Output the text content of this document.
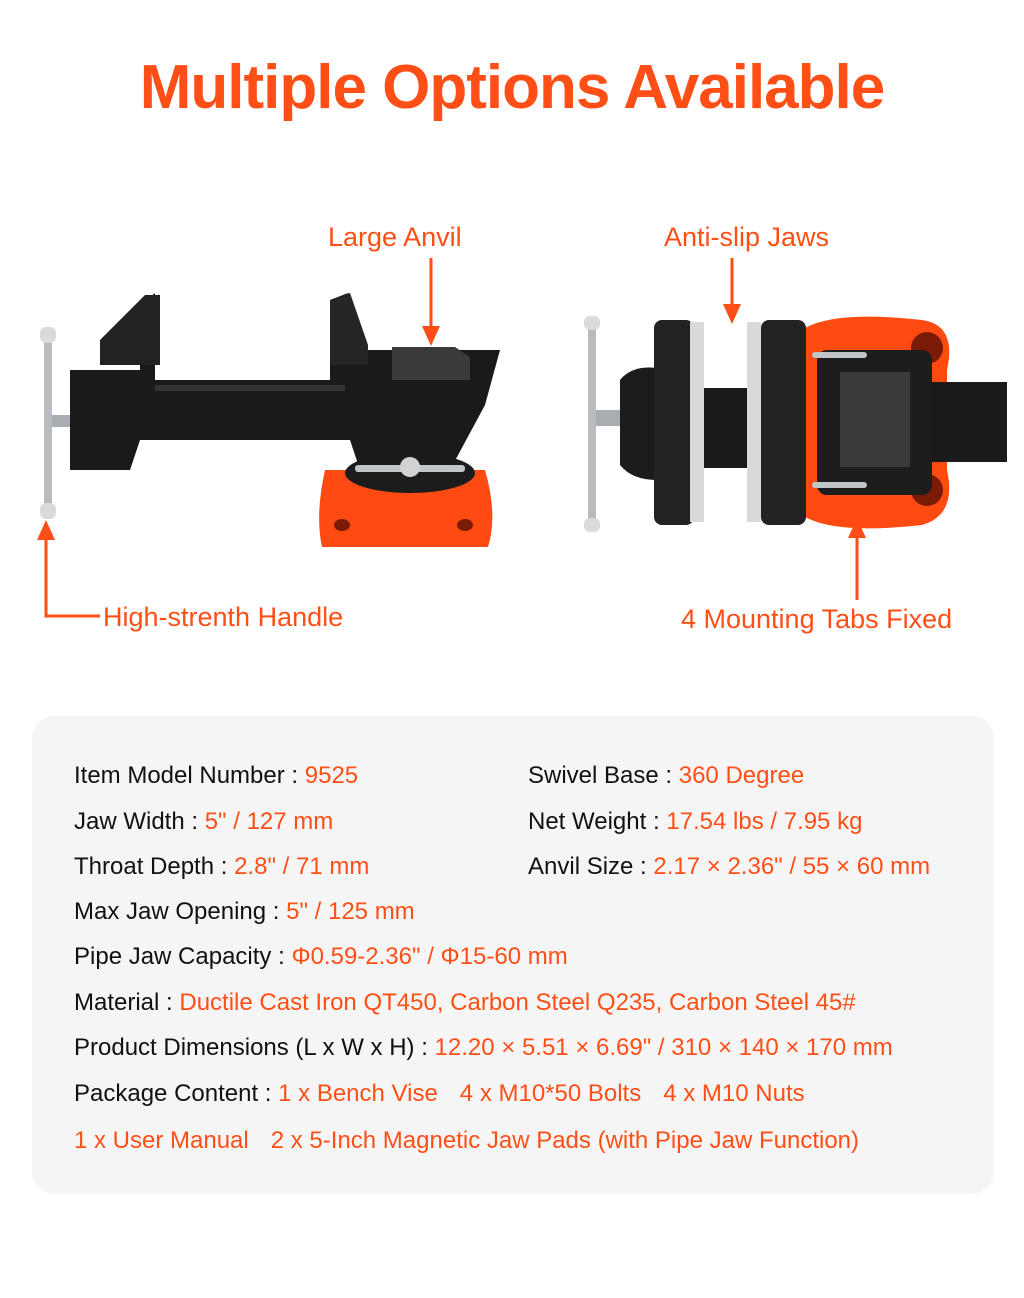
Multiple Options Available
Large Anvil	Anti-slip Jaws
High-strenth Handle	4 Mounting Tabs Fixed
Item Model Number : 9525
Jaw Width : 5" / 127 mm
Throat Depth : 2.8" / 71 mm
Max Jaw Opening : 5" / 125 mm
Pipe Jaw Capacity : Φ0.59-2.36" / Φ15-60 mm
Material : Ductile Cast Iron QT450, Carbon Steel Q235, Carbon Steel 45#
Product Dimensions (L x W x H) : 12.20 × 5.51 × 6.69" / 310 × 140 × 170 mm
Swivel Base : 360 Degree
Net Weight : 17.54 lbs / 7.95 kg
Anvil Size : 2.17 × 2.36" / 55 × 60 mm
Package Content : 1 x Bench Vise 4 x M10*50 Bolts 4 x M10 Nuts
1 x User Manual 2 x 5-Inch Magnetic Jaw Pads (with Pipe Jaw Function)
